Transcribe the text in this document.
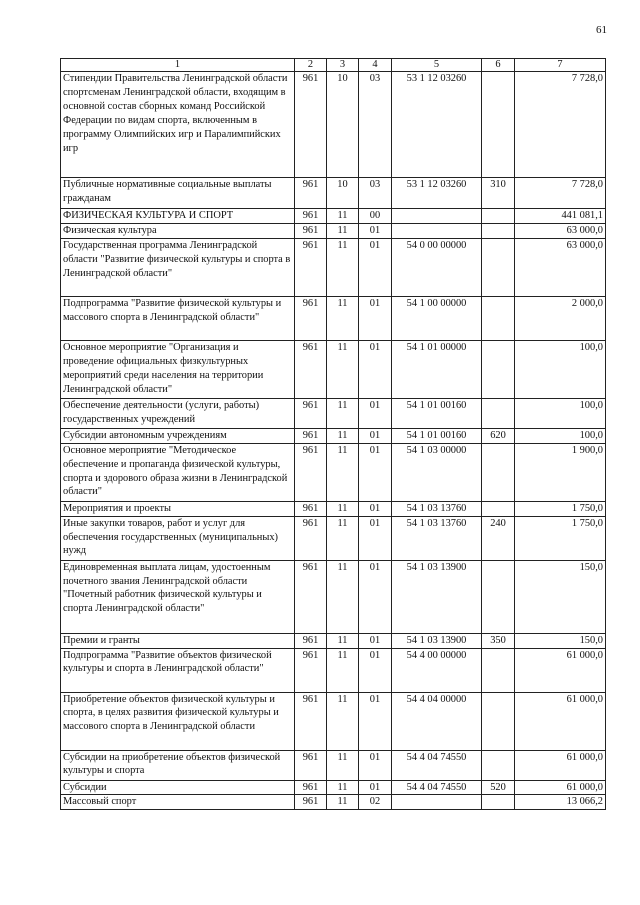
61
1	2	3	4	5	6	7
Стипендии Правительства Ленинградской области спортсменам Ленинградской области, входящим в основной состав сборных команд Российской Федерации по видам спорта, включенным в программу Олимпийских игр и Паралимпийских игр	961	10	03	53 1 12 03260		7 728,0
Публичные нормативные социальные выплаты гражданам	961	10	03	53 1 12 03260	310	7 728,0
ФИЗИЧЕСКАЯ КУЛЬТУРА И СПОРТ	961	11	00			441 081,1
Физическая культура	961	11	01			63 000,0
Государственная программа Ленинградской области "Развитие физической культуры и спорта в Ленинградской области"	961	11	01	54 0 00 00000		63 000,0
Подпрограмма "Развитие физической культуры и массового спорта в Ленинградской области"	961	11	01	54 1 00 00000		2 000,0
Основное мероприятие "Организация и проведение официальных физкультурных мероприятий среди населения на территории Ленинградской области"	961	11	01	54 1 01 00000		100,0
Обеспечение деятельности (услуги, работы) государственных учреждений	961	11	01	54 1 01 00160		100,0
Субсидии автономным учреждениям	961	11	01	54 1 01 00160	620	100,0
Основное мероприятие "Методическое обеспечение и пропаганда физической культуры, спорта и здорового образа жизни в Ленинградской области"	961	11	01	54 1 03 00000		1 900,0
Мероприятия и проекты	961	11	01	54 1 03 13760		1 750,0
Иные закупки товаров, работ и услуг для обеспечения государственных (муниципальных) нужд	961	11	01	54 1 03 13760	240	1 750,0
Единовременная выплата лицам, удостоенным почетного звания Ленинградской области "Почетный работник физической культуры и спорта Ленинградской области"	961	11	01	54 1 03 13900		150,0
Премии и гранты	961	11	01	54 1 03 13900	350	150,0
Подпрограмма "Развитие объектов физической культуры и спорта в Ленинградской области"	961	11	01	54 4 00 00000		61 000,0
Приобретение объектов физической культуры и спорта, в целях развития физической культуры и массового спорта в Ленинградской области	961	11	01	54 4 04 00000		61 000,0
Субсидии на приобретение объектов физической культуры и спорта	961	11	01	54 4 04 74550		61 000,0
Субсидии	961	11	01	54 4 04 74550	520	61 000,0
Массовый спорт	961	11	02			13 066,2
